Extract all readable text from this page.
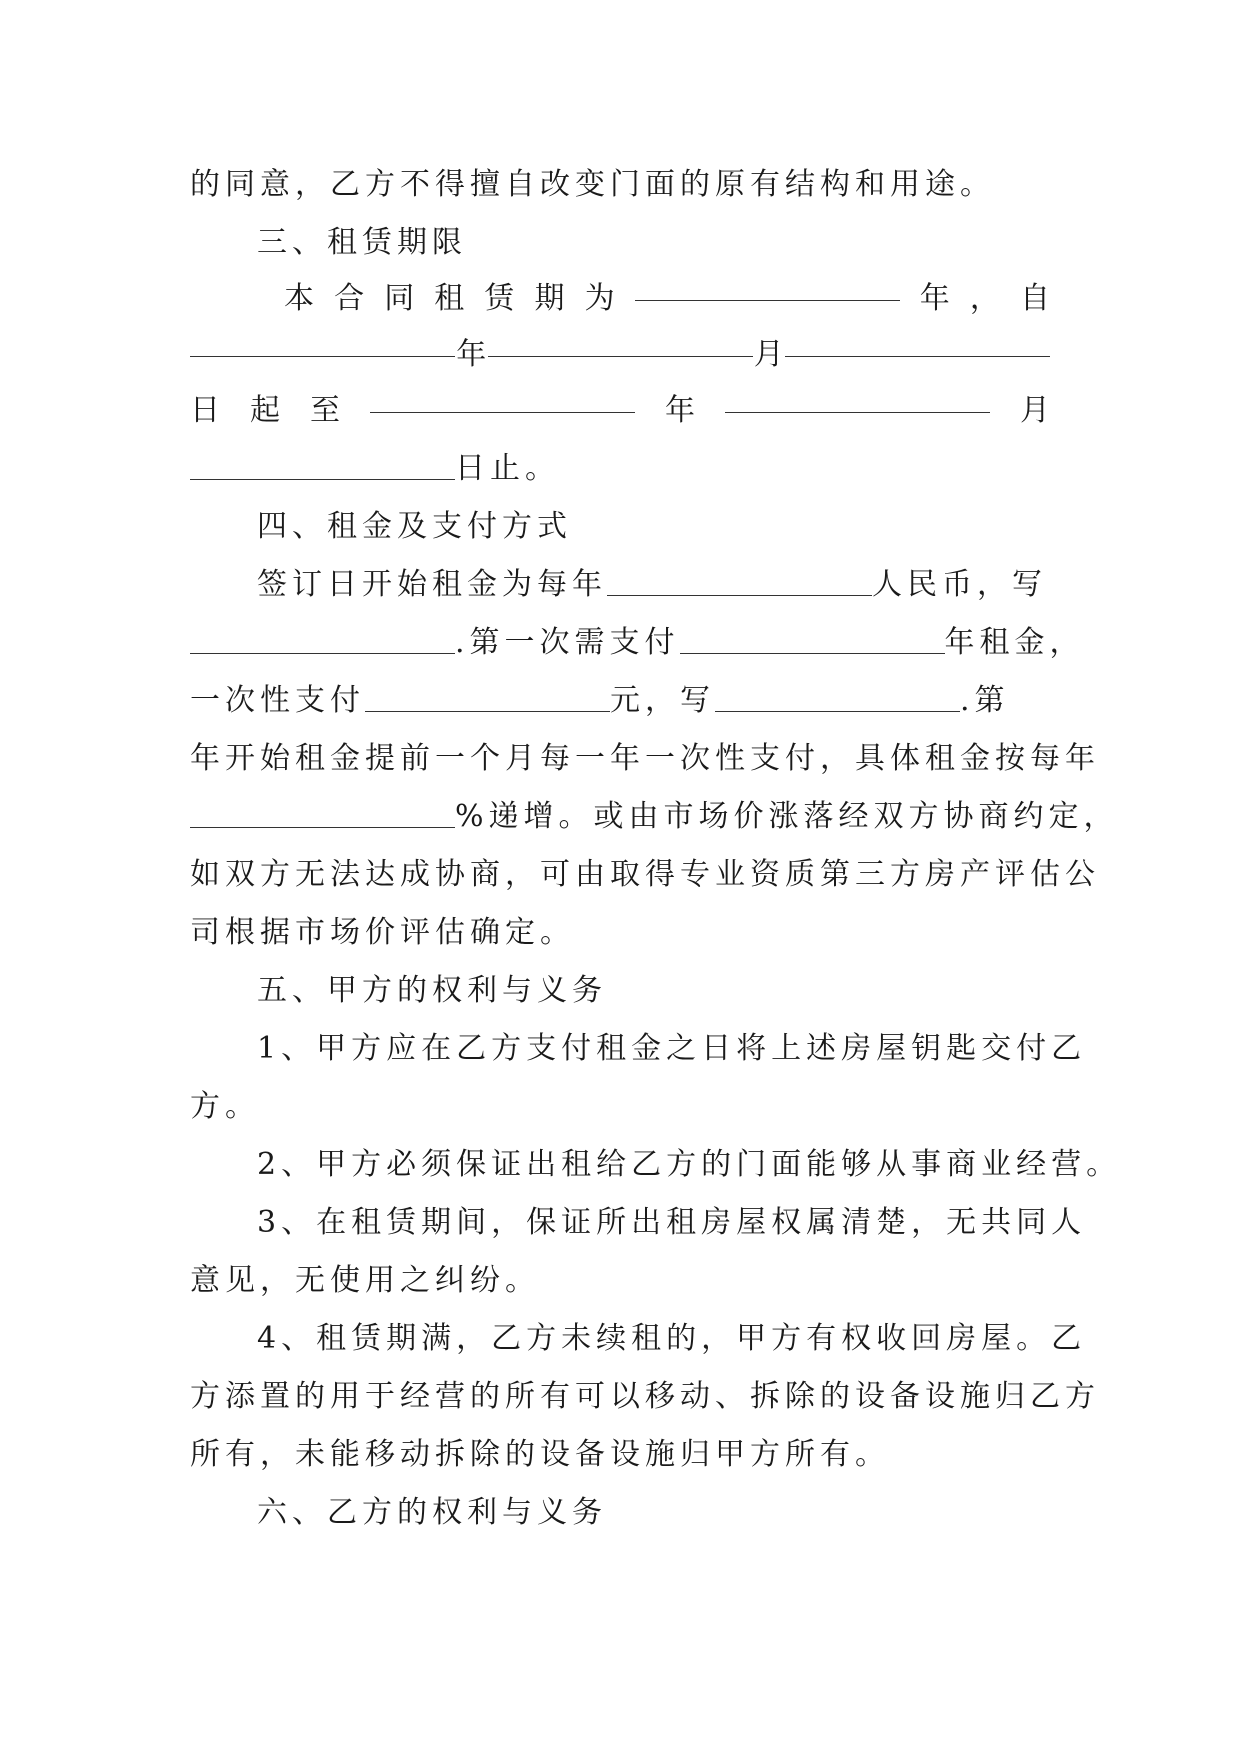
的同意，乙方不得擅自改变门面的原有结构和用途。
三、租赁期限
本 合 同 租 赁 期 为	年 ， 自
年	月
日 起 至	年	月
日止。
四、租金及支付方式
签订日开始租金为每年	人民币，写
.第一次需支付	年租金，
一次性支付	元，写	.第
年开始租金提前一个月每一年一次性支付，具体租金按每年
%递增。或由市场价涨落经双方协商约定，
如双方无法达成协商，可由取得专业资质第三方房产评估公
司根据市场价评估确定。
五、甲方的权利与义务
1、甲方应在乙方支付租金之日将上述房屋钥匙交付乙
方。
2、甲方必须保证出租给乙方的门面能够从事商业经营。
3、在租赁期间，保证所出租房屋权属清楚，无共同人
意见，无使用之纠纷。
4、租赁期满，乙方未续租的，甲方有权收回房屋。乙
方添置的用于经营的所有可以移动、拆除的设备设施归乙方
所有，未能移动拆除的设备设施归甲方所有。
六、乙方的权利与义务
